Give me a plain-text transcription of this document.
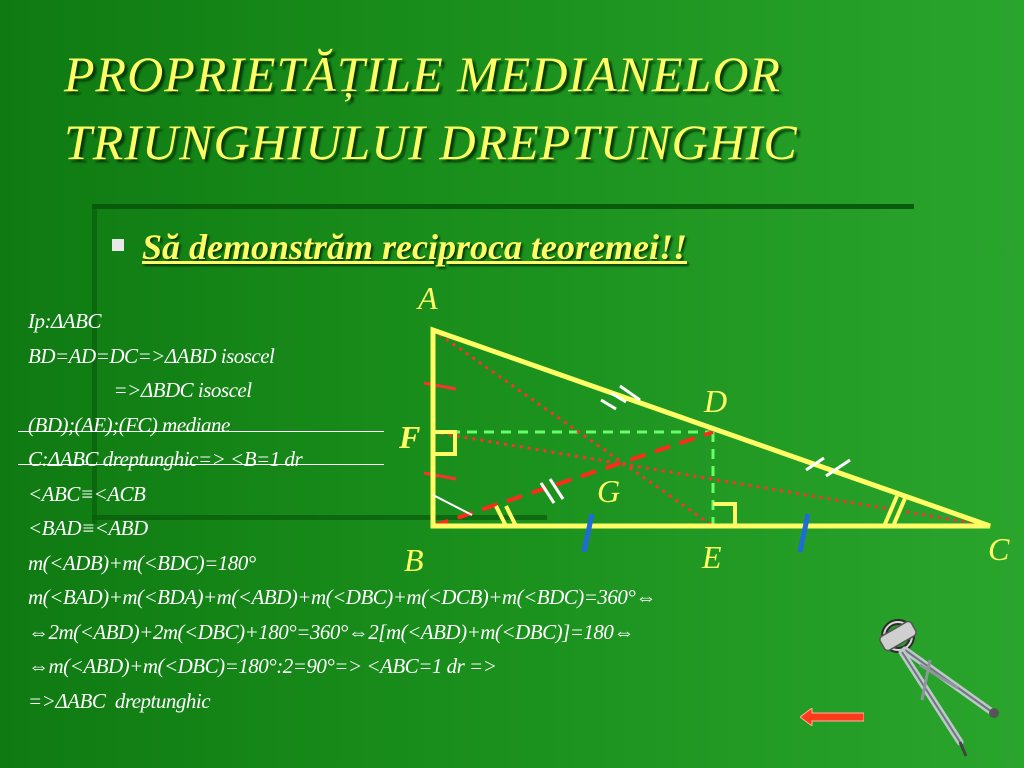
PROPRIETĂȚILE MEDIANELOR
TRIUNGHIULUI DREPTUNGHIC
Să demonstrăm reciproca teoremei!!
Ip:ΔABC
BD=AD=DC=>ΔABD isoscel
=>ΔBDC isoscel
(BD);(AE);(FC) mediane
C:ΔABC dreptunghic=> <B=1 dr
<ABC≡<ACB
<BAD≡<ABD
m(<ADB)+m(<BDC)=180°
m(<BAD)+m(<BDA)+m(<ABD)+m(<DBC)+m(<DCB)+m(<BDC)=360°⇔
⇔2m(<ABD)+2m(<DBC)+180°=360°⇔2[m(<ABD)+m(<DBC)]=180⇔
⇔m(<ABD)+m(<DBC)=180°:2=90°=> <ABC=1 dr =>
=>ΔABC  dreptunghic
A
B	C
D
E
F
G
